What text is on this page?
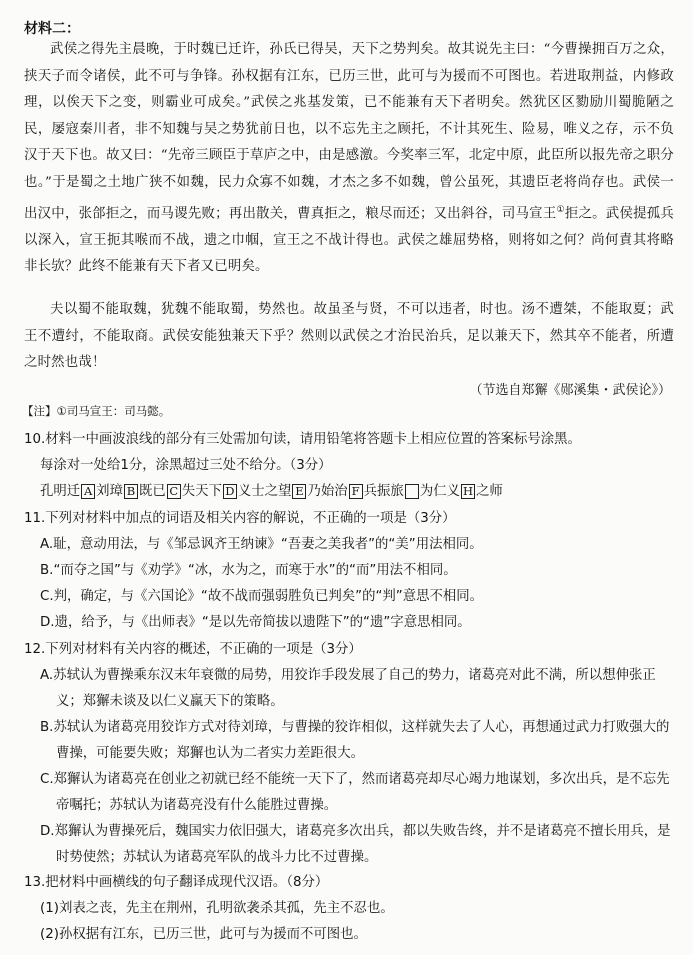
材料二：
武侯之得先主晨晚，于时魏已迁许，孙氏已得吴，天下之势判矣。故其说先主曰：“今曹操拥百万之众，挟天子而令诸侯，此不可与争锋。孙权据有江东，已历三世，此可与为援而不可图也。若进取荆益，内修政理，以俟天下之变，则霸业可成矣。”武侯之兆基发策，已不能兼有天下者明矣。然犹区区勠励川蜀脆陋之民，屡寇秦川者，非不知魏与吴之势犹前日也，以不忘先主之顾托，不计其死生、险易，唯义之存，示不负汉于天下也。故又曰：“先帝三顾臣于草庐之中，由是感激。今奖率三军，北定中原，此臣所以报先帝之职分也。”于是蜀之土地广狭不如魏，民力众寡不如魏，才杰之多不如魏，曾公虽死，其遗臣老将尚存也。武侯一出汉中，张郃拒之，而马谡先败；再出散关，曹真拒之，粮尽而还；又出斜谷，司马宣王①拒之。武侯提孤兵以深入，宣王扼其喉而不战，遗之巾帼，宣王之不战计得也。武侯之雄屈势格，则将如之何？尚何責其将略非长欤？此终不能兼有天下者又已明矣。
夫以蜀不能取魏，犹魏不能取蜀，势然也。故虽圣与贤，不可以违者，时也。汤不遭桀，不能取夏；武王不遭纣，不能取商。武侯安能独兼天下乎？然则以武侯之才治民治兵，足以兼天下，然其卒不能者，所遭之时然也哉！
（节选自郑獬《郧溪集・武侯论》）
【注】①司马宣王：司马懿。
10.材料一中画波浪线的部分有三处需加句读，请用铅笔将答题卡上相应位置的答案标号涂黑。
每涂对一处给1分，涂黑超过三处不给分。（3分）
孔明迁 A 刘璋 B 既已 C 失天下 D 义士之望 E 乃始治 F 兵振旅 为仁义 H 之师
11.下列对材料中加点的词语及相关内容的解说，不正确的一项是（3分）
A.耻，意动用法，与《邹忌讽齐王纳谏》“吾妻之美我者”的“美”用法相同。
B.“而夺之国”与《劝学》“冰，水为之，而寒于水”的“而”用法不相同。
C.判，确定，与《六国论》“故不战而强弱胜负已判矣”的“判”意思不相同。
D.遗，给予，与《出师表》“是以先帝简拔以遗陛下”的“遗”字意思相同。
12.下列对材料有关内容的概述，不正确的一项是（3分）
A.苏轼认为曹操乘东汉末年衰微的局势，用狡诈手段发展了自己的势力，诸葛亮对此不满，所以想伸张正义；郑獬未谈及以仁义赢天下的策略。
B.苏轼认为诸葛亮用狡诈方式对待刘璋，与曹操的狡诈相似，这样就失去了人心，再想通过武力打败强大的曹操，可能要失败；郑獬也认为二者实力差距很大。
C.郑獬认为诸葛亮在创业之初就已经不能统一天下了，然而诸葛亮却尽心竭力地谋划，多次出兵，是不忘先帝嘱托；苏轼认为诸葛亮没有什么能胜过曹操。
D.郑獬认为曹操死后，魏国实力依旧强大，诸葛亮多次出兵，都以失败告终，并不是诸葛亮不擅长用兵，是时势使然；苏轼认为诸葛亮军队的战斗力比不过曹操。
13.把材料中画横线的句子翻译成现代汉语。（8分）
(1)刘表之丧，先主在荆州，孔明欲袭杀其孤，先主不忍也。
(2)孙权据有江东，已历三世，此可与为援而不可图也。
